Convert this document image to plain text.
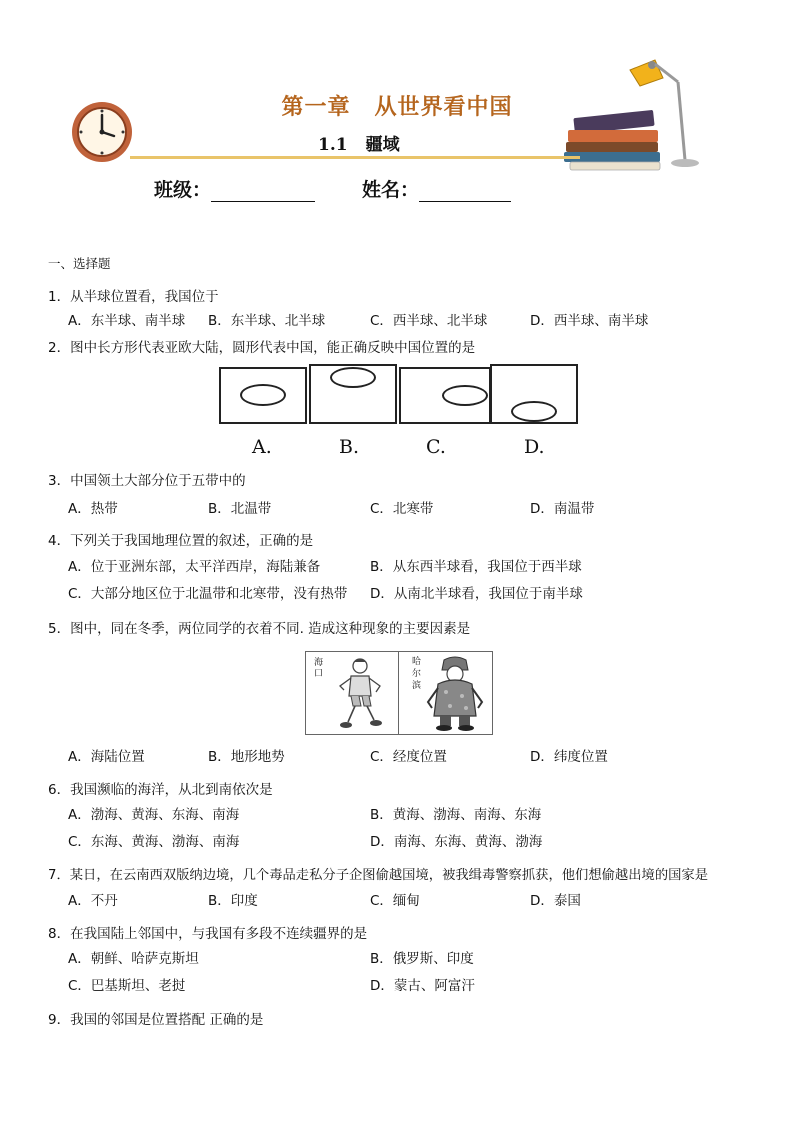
第一章 从世界看中国
1.1 疆域
班级：	姓名：
一、选择题
1．从半球位置看，我国位于
A．东半球、南半球 B．东半球、北半球	C．西半球、北半球	D．西半球、南半球
2．图中长方形代表亚欧大陆，圆形代表中国，能正确反映中国位置的是
A.	B.	C.	D.
3．中国领土大部分位于五带中的
A．热带	B．北温带	C．北寒带	D．南温带
4．下列关于我国地理位置的叙述，正确的是
A．位于亚洲东部，太平洋西岸，海陆兼备	B．从东西半球看，我国位于西半球
C．大部分地区位于北温带和北寒带，没有热带 D．从南北半球看，我国位于南半球
5．图中，同在冬季，两位同学的衣着不同. 造成这种现象的主要因素是
海口
哈尔滨
A．海陆位置	B．地形地势	C．经度位置	D．纬度位置
6．我国濒临的海洋，从北到南依次是
A．渤海、黄海、东海、南海	B．黄海、渤海、南海、东海
C．东海、黄海、渤海、南海	D．南海、东海、黄海、渤海
7．某日，在云南西双版纳边境，几个毒品走私分子企图偷越国境，被我缉毒警察抓获，他们想偷越出境的国家是
A．不丹	B．印度	C．缅甸	D．泰国
8．在我国陆上邻国中，与我国有多段不连续疆界的是
A．朝鲜、哈萨克斯坦	B．俄罗斯、印度
C．巴基斯坦、老挝	D．蒙古、阿富汗
9．我国的邻国是位置搭配 正确的是
